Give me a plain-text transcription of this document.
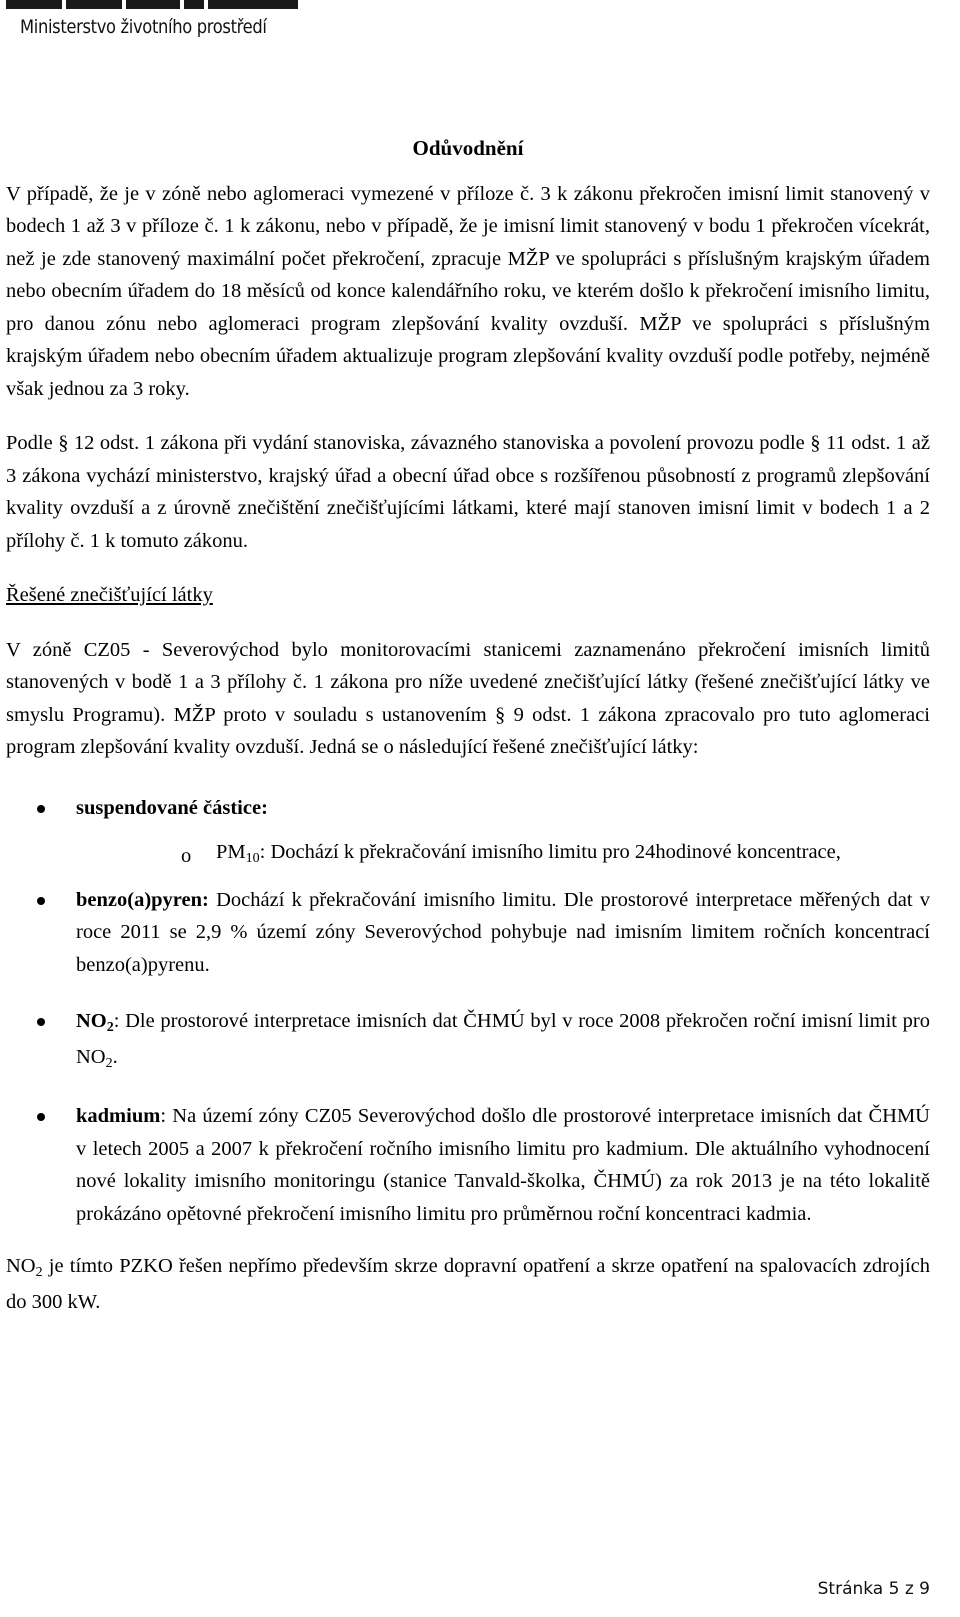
Ministerstvo životního prostředí
Odůvodnění

V případě, že je v zóně nebo aglomeraci vymezené v příloze č. 3 k zákonu překročen imisní limit stanovený v bodech 1 až 3 v příloze č. 1 k zákonu, nebo v případě, že je imisní limit stanovený v bodu 1 překročen vícekrát, než je zde stanovený maximální počet překročení, zpracuje MŽP ve spolupráci s příslušným krajským úřadem nebo obecním úřadem do 18 měsíců od konce kalendářního roku, ve kterém došlo k překročení imisního limitu, pro danou zónu nebo aglomeraci program zlepšování kvality ovzduší. MŽP ve spolupráci s příslušným krajským úřadem nebo obecním úřadem aktualizuje program zlepšování kvality ovzduší podle potřeby, nejméně však jednou za 3 roky.

Podle § 12 odst. 1 zákona při vydání stanoviska, závazného stanoviska a povolení provozu podle § 11 odst. 1 až 3 zákona vychází ministerstvo, krajský úřad a obecní úřad obce s rozšířenou působností z programů zlepšování kvality ovzduší a z úrovně znečištění znečišťujícími látkami, které mají stanoven imisní limit v bodech 1 a 2 přílohy č. 1 k tomuto zákonu.

Řešené znečišťující látky

V zóně CZ05 - Severovýchod bylo monitorovacími stanicemi zaznamenáno překročení imisních limitů stanovených v bodě 1 a 3 přílohy č. 1 zákona pro níže uvedené znečišťující látky (řešené znečišťující látky ve smyslu Programu). MŽP proto v souladu s ustanovením § 9 odst. 1 zákona zpracovalo pro tuto aglomeraci program zlepšování kvality ovzduší. Jedná se o následující řešené znečišťující látky:

suspendované částice:
o $PM_{10}$: Dochází k překračování imisního limitu pro 24hodinové koncentrace,
benzo(a)pyren: Dochází k překračování imisního limitu. Dle prostorové interpretace měřených dat v roce 2011 se 2,9 % území zóny Severovýchod pohybuje nad imisním limitem ročních koncentrací benzo(a)pyrenu.
$NO_2$: Dle prostorové interpretace imisních dat ČHMÚ byl v roce 2008 překročen roční imisní limit pro $NO_2$.
kadmium: Na území zóny CZ05 Severovýchod došlo dle prostorové interpretace imisních dat ČHMÚ v letech 2005 a 2007 k překročení ročního imisního limitu pro kadmium. Dle aktuálního vyhodnocení nové lokality imisního monitoringu (stanice Tanvald-školka, ČHMÚ) za rok 2013 je na této lokalitě prokázáno opětovné překročení imisního limitu pro průměrnou roční koncentraci kadmia.

$NO_2$ je tímto PZKO řešen nepřímo především skrze dopravní opatření a skrze opatření na spalovacích zdrojích do 300 kW.

Stránka 5 z 9
